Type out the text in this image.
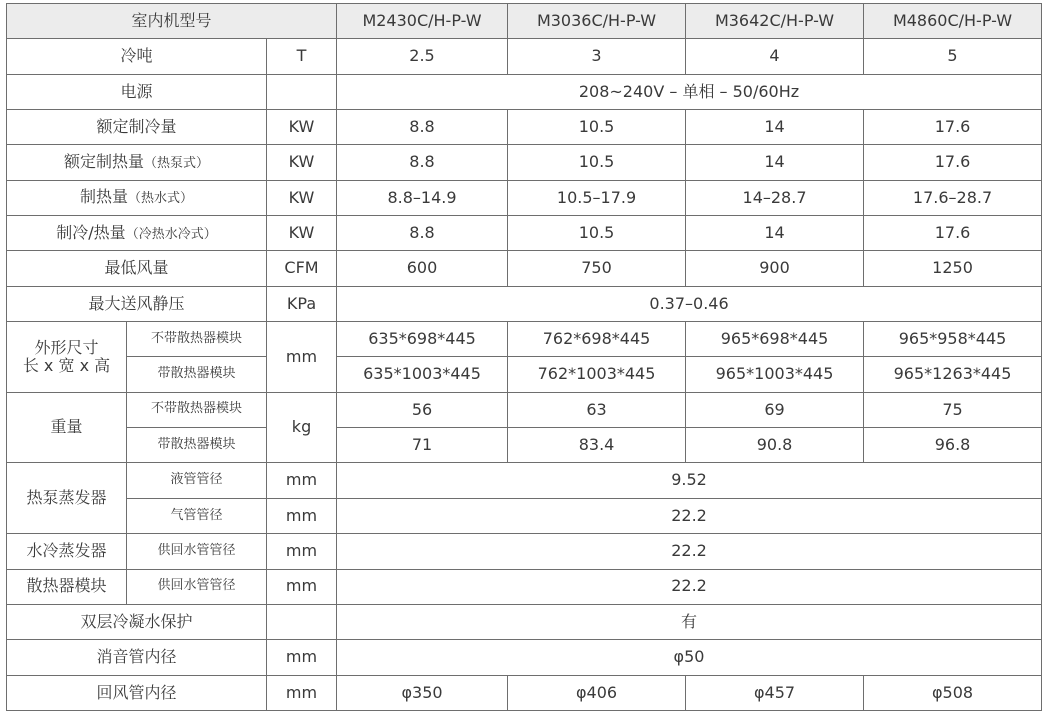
室内机型号			M2430C/H-P-W	M3036C/H-P-W	M3642C/H-P-W	M4860C/H-P-W
冷吨		T	2.5	3	4	5
电源			208~240V – 单相 – 50/60Hz			
额定制冷量		KW	8.8	10.5	14	17.6
额定制热量（热泵式）		KW	8.8	10.5	14	17.6
制热量（热水式）		KW	8.8–14.9	10.5–17.9	14–28.7	17.6–28.7
制冷/热量（冷热水冷式）		KW	8.8	10.5	14	17.6
最低风量		CFM	600	750	900	1250
最大送风静压		KPa	0.37–0.46			

外形尺寸
长 x 宽 x 高	不带散热器模块	mm	635*698*445	762*698*445	965*698*445	965*958*445
	带散热器模块		635*1003*445	762*1003*445	965*1003*445	965*1263*445
重量	不带散热器模块	kg	56	63	69	75
	带散热器模块		71	83.4	90.8	96.8
热泵蒸发器	液管管径	mm	9.52			
	气管管径	mm	22.2			
水冷蒸发器	供回水管管径	mm	22.2			
散热器模块	供回水管管径	mm	22.2			
双层冷凝水保护			有			
消音管内径		mm	φ50			
回风管内径		mm	φ350	φ406	φ457	φ508
